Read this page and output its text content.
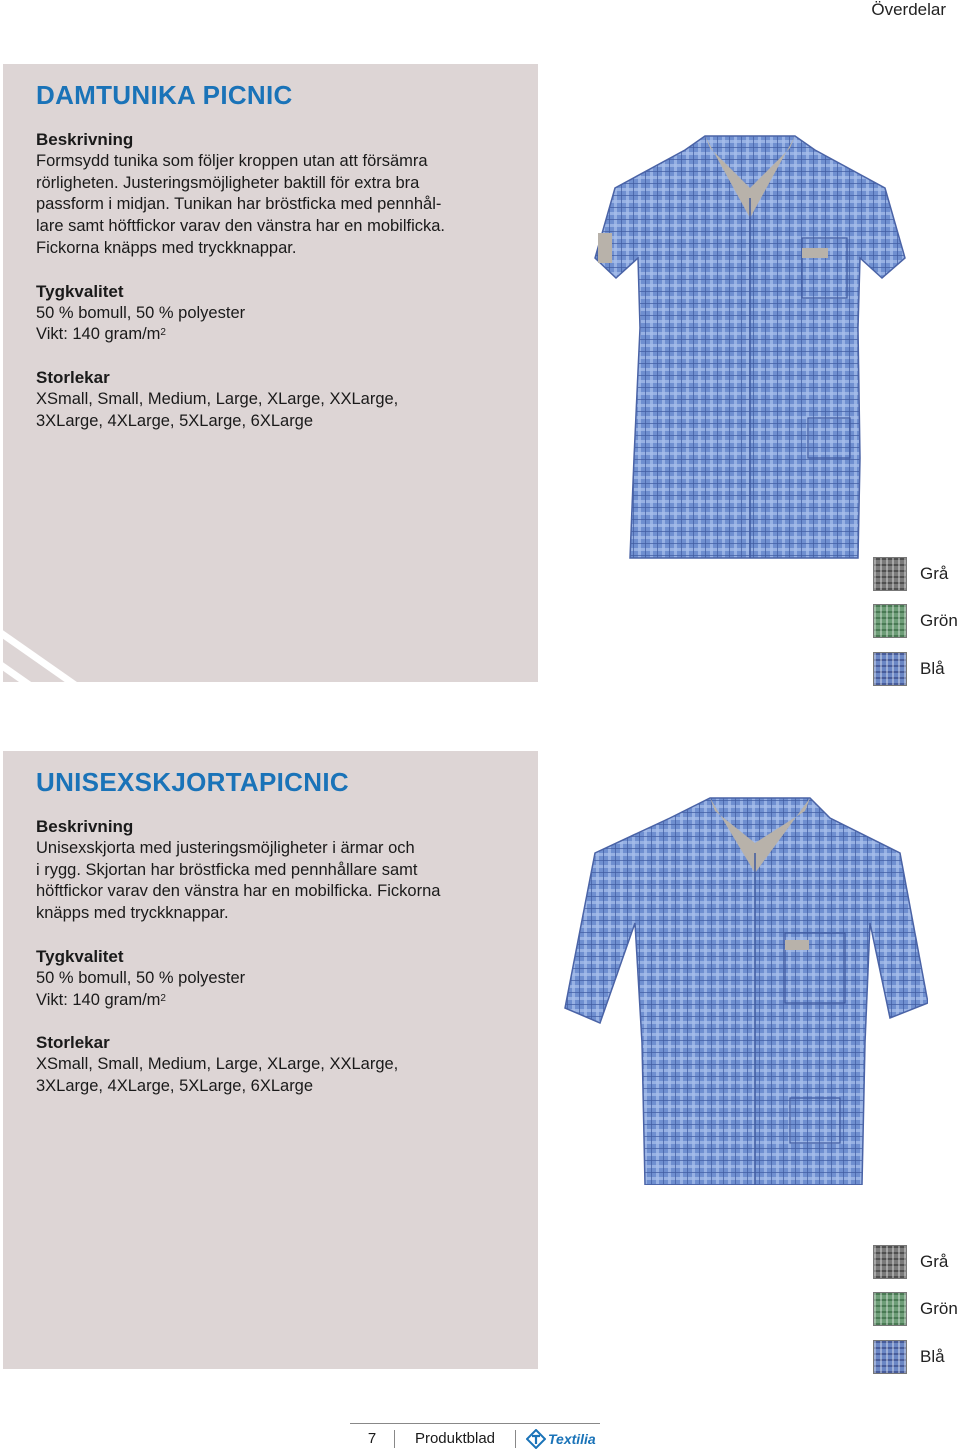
Överdelar
DAMTUNIKA PICNIC
Beskrivning

Formsydd tunika som följer kroppen utan att försämra

rörligheten. Justeringsmöjligheter baktill för extra bra

passform i midjan. Tunikan har bröstficka med pennhål-

lare samt höftfickor varav den vänstra har en mobilficka.

Fickorna knäpps med tryckknappar.

Tygkvalitet

50 % bomull, 50 % polyester

Vikt: 140 gram/$m^2$

Storlekar

XSmall, Small, Medium, Large, XLarge, XXLarge,

3XLarge, 4XLarge, 5XLarge, 6XLarge

Grå
Grön
Blå
UNISEXSKJORTAPICNIC
Beskrivning

Unisexskjorta med justeringsmöjligheter i ärmar och

i rygg. Skjortan har bröstficka med pennhållare samt

höftfickor varav den vänstra har en mobilficka. Fickorna

knäpps med tryckknappar.

Tygkvalitet

50 % bomull, 50 % polyester

Vikt: 140 gram/$m^2$

Storlekar

XSmall, Small, Medium, Large, XLarge, XXLarge,

3XLarge, 4XLarge, 5XLarge, 6XLarge

Grå
Grön
Blå
7	Produktblad	Textilia
